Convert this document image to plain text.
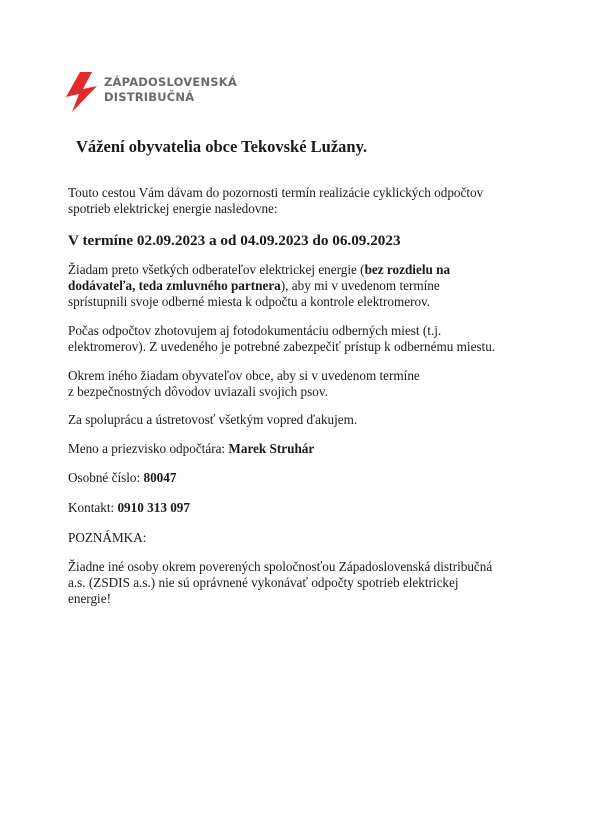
ZÁPADOSLOVENSKÁ
DISTRIBUČNÁ
Vážení obyvatelia obce Tekovské Lužany.
Touto cestou Vám dávam do pozornosti termín realizácie cyklických odpočtov
spotrieb elektrickej energie nasledovne:
V termíne 02.09.2023 a od 04.09.2023 do 06.09.2023
Žiadam preto všetkých odberateľov elektrickej energie (bez rozdielu na
dodávateľa, teda zmluvného partnera), aby mi v uvedenom termíne
sprístupnili svoje odberné miesta k odpočtu a kontrole elektromerov.
Počas odpočtov zhotovujem aj fotodokumentáciu odberných miest (t.j.
elektromerov). Z uvedeného je potrebné zabezpečiť prístup k odbernému miestu.
Okrem iného žiadam obyvateľov obce, aby si v uvedenom termíne
z bezpečnostných dôvodov uviazali svojich psov.
Za spoluprácu a ústretovosť všetkým vopred ďakujem.
Meno a priezvisko odpočtára: Marek Struhár
Osobné číslo: 80047
Kontakt: 0910 313 097
POZNÁMKA:
Žiadne iné osoby okrem poverených spoločnosťou Západoslovenská distribučná
a.s. (ZSDIS a.s.) nie sú oprávnené vykonávať odpočty spotrieb elektrickej
energie!
